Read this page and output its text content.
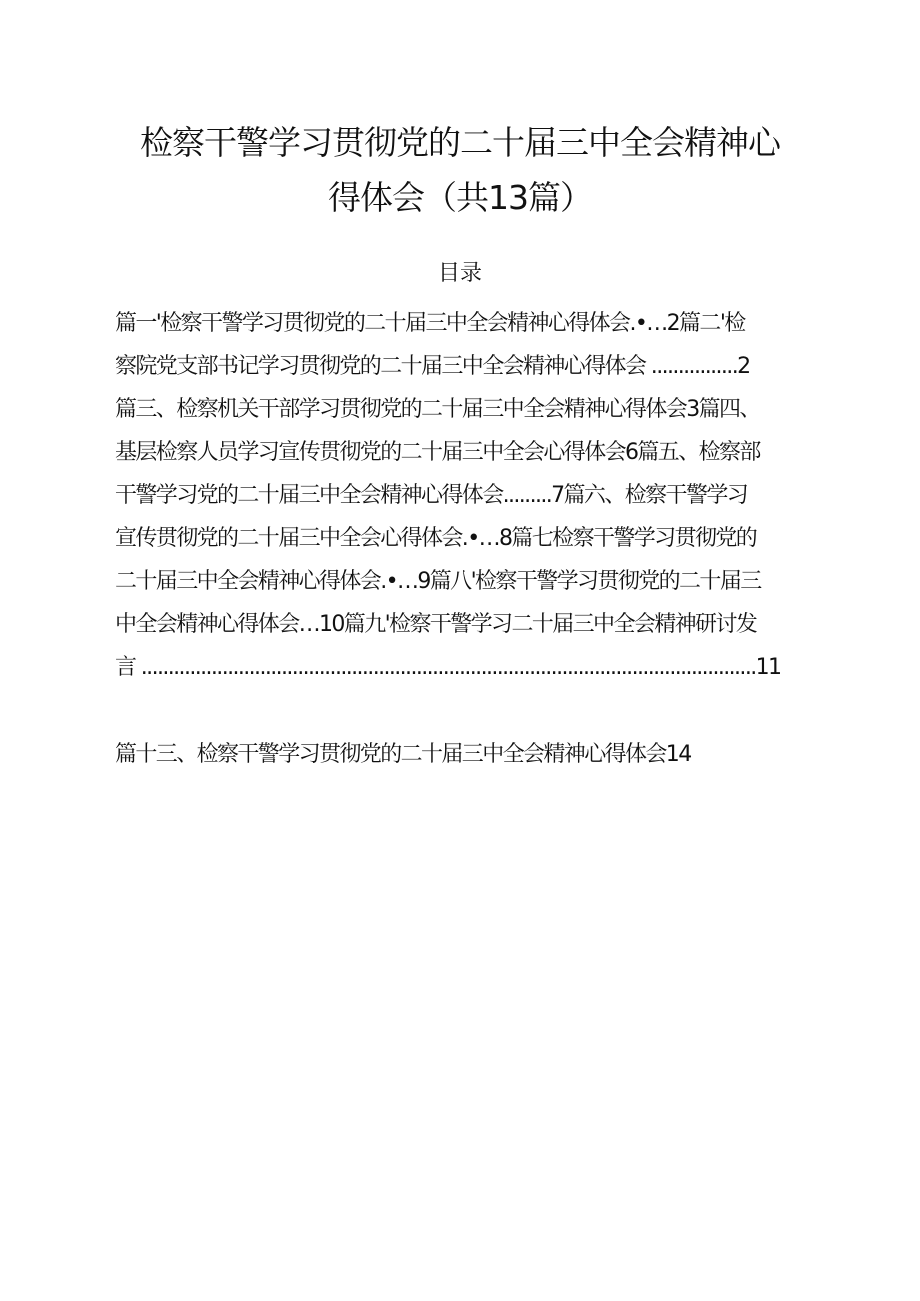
检察干警学习贯彻党的二十届三中全会精神心
得体会（共13篇）
目录
篇一'检察干警学习贯彻党的二十届三中全会精神心得体会.•…2篇二'检
察院党支部书记学习贯彻党的二十届三中全会精神心得体会 ................2
篇三、检察机关干部学习贯彻党的二十届三中全会精神心得体会3篇四、
基层检察人员学习宣传贯彻党的二十届三中全会心得体会6篇五、检察部
干警学习党的二十届三中全会精神心得体会.........7篇六、检察干警学习
宣传贯彻党的二十届三中全会心得体会.•…8篇七检察干警学习贯彻党的
二十届三中全会精神心得体会.•…9篇八'检察干警学习贯彻党的二十届三
中全会精神心得体会…10篇九'检察干警学习二十届三中全会精神研讨发
言 ..................................................................................................................11
篇十三、检察干警学习贯彻党的二十届三中全会精神心得体会14
